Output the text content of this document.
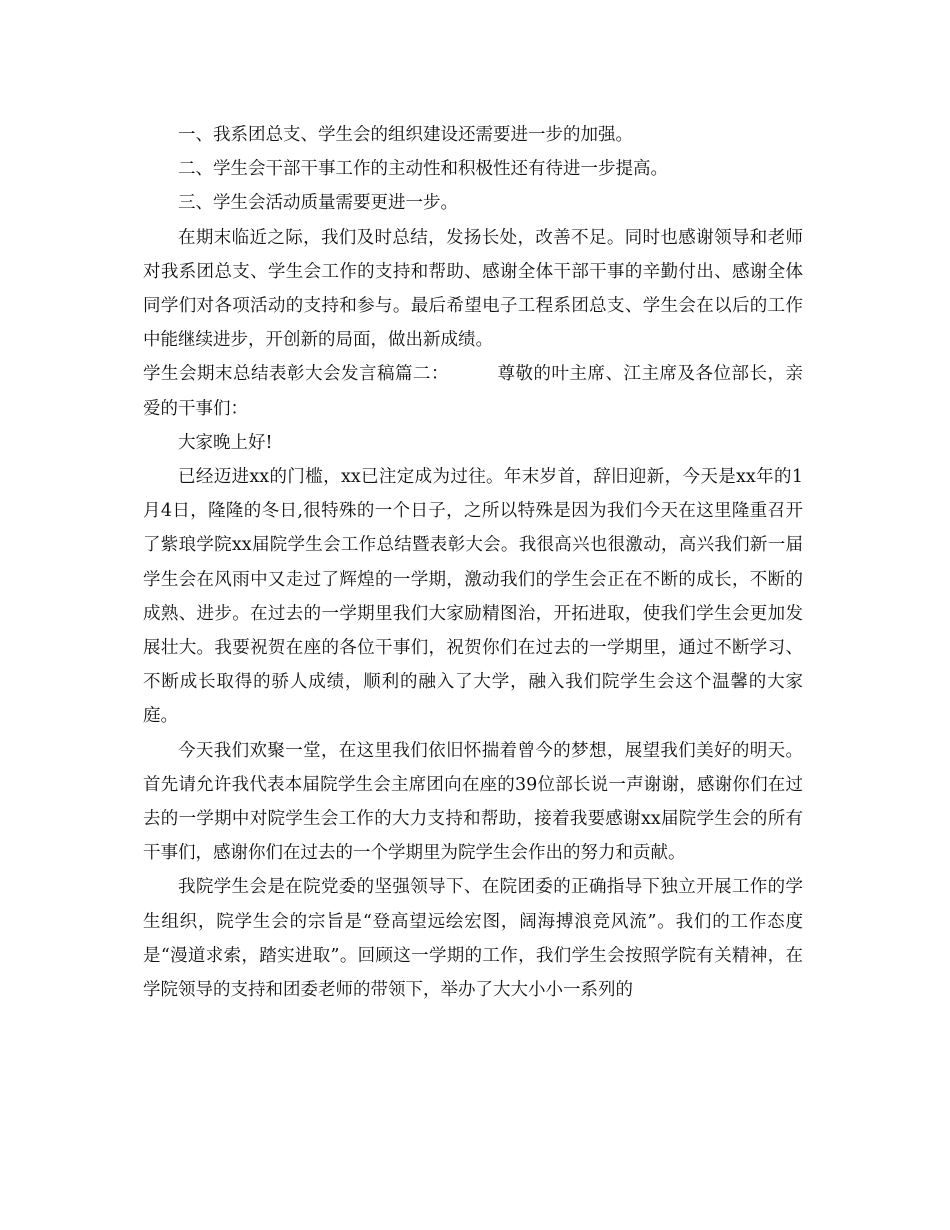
一、我系团总支、学生会的组织建设还需要进一步的加强。

二、学生会干部干事工作的主动性和积极性还有待进一步提高。

三、学生会活动质量需要更进一步。

在期末临近之际，我们及时总结，发扬长处，改善不足。同时也感谢领导和老师对我系团总支、学生会工作的支持和帮助、感谢全体干部干事的辛勤付出、感谢全体同学们对各项活动的支持和参与。最后希望电子工程系团总支、学生会在以后的工作中能继续进步，开创新的局面，做出新成绩。

学生会期末总结表彰大会发言稿篇二：	尊敬的叶主席、江主席及各位部长，亲爱的干事们：

大家晚上好!

已经迈进xx的门槛，xx已注定成为过往。年末岁首，辞旧迎新，今天是xx年的1月4日，隆隆的冬日,很特殊的一个日子，之所以特殊是因为我们今天在这里隆重召开了紫琅学院xx届院学生会工作总结暨表彰大会。我很高兴也很激动，高兴我们新一届学生会在风雨中又走过了辉煌的一学期，激动我们的学生会正在不断的成长，不断的成熟、进步。在过去的一学期里我们大家励精图治，开拓进取，使我们学生会更加发展壮大。我要祝贺在座的各位干事们，祝贺你们在过去的一学期里，通过不断学习、不断成长取得的骄人成绩，顺利的融入了大学，融入我们院学生会这个温馨的大家庭。

今天我们欢聚一堂，在这里我们依旧怀揣着曾今的梦想，展望我们美好的明天。首先请允许我代表本届院学生会主席团向在座的39位部长说一声谢谢，感谢你们在过去的一学期中对院学生会工作的大力支持和帮助，接着我要感谢xx届院学生会的所有干事们，感谢你们在过去的一个学期里为院学生会作出的努力和贡献。

我院学生会是在院党委的坚强领导下、在院团委的正确指导下独立开展工作的学生组织，院学生会的宗旨是“登高望远绘宏图，阔海搏浪竞风流”。我们的工作态度是“漫道求索，踏实进取”。回顾这一学期的工作，我们学生会按照学院有关精神，在学院领导的支持和团委老师的带领下，举办了大大小小一系列的
